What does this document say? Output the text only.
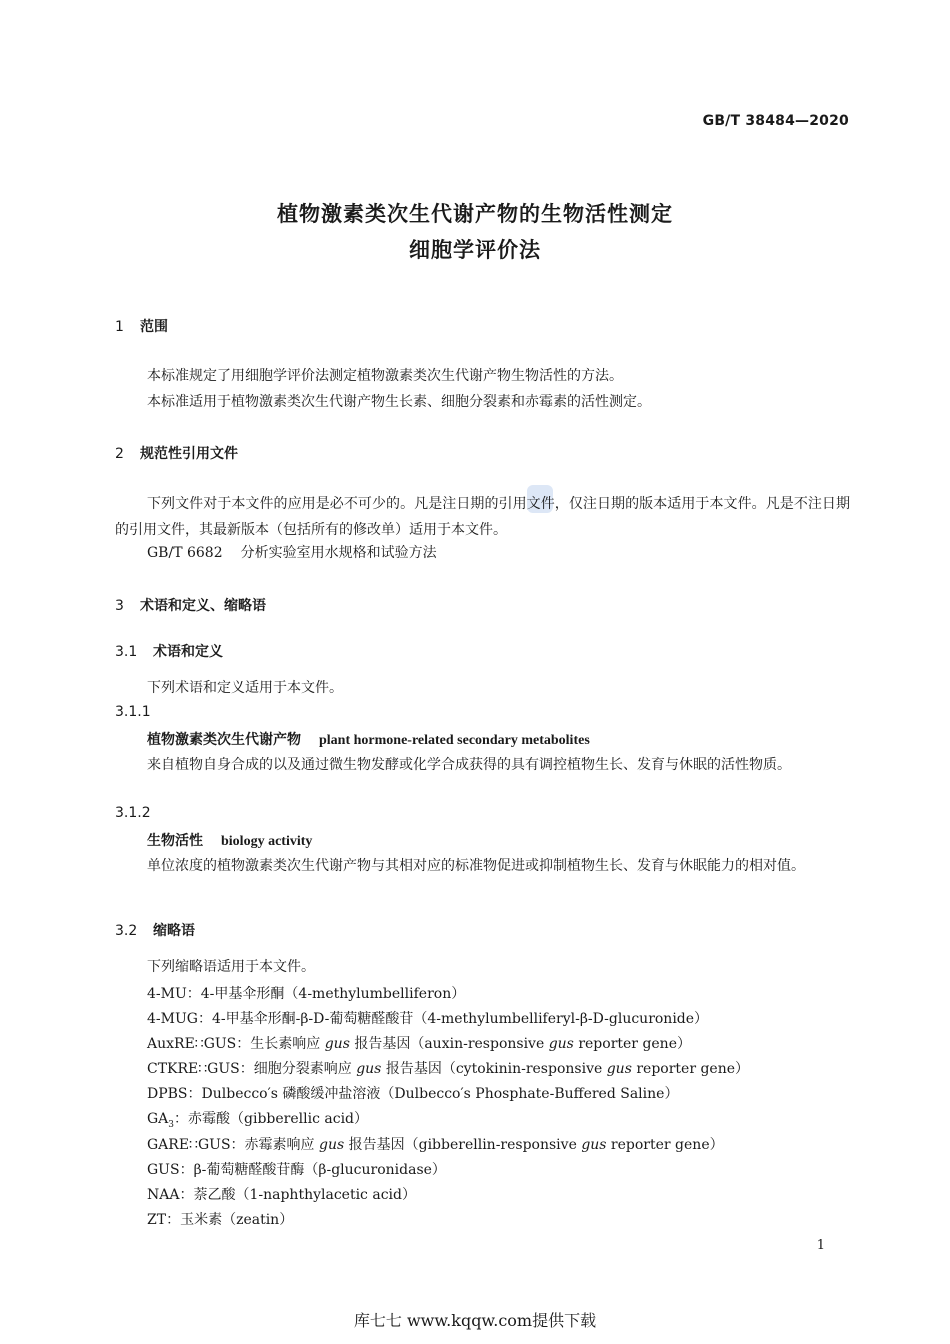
GB/T 38484—2020
植物激素类次生代谢产物的生物活性测定
细胞学评价法
1 范围
本标准规定了用细胞学评价法测定植物激素类次生代谢产物生物活性的方法。
本标准适用于植物激素类次生代谢产物生长素、细胞分裂素和赤霉素的活性测定。
2 规范性引用文件
下列文件对于本文件的应用是必不可少的。凡是注日期的引用文件，仅注日期的版本适用于本文件。凡是不注日期的引用文件，其最新版本（包括所有的修改单）适用于本文件。
GB/T 6682 分析实验室用水规格和试验方法
3 术语和定义、缩略语
3.1 术语和定义
下列术语和定义适用于本文件。
3.1.1
植物激素类次生代谢产物 plant hormone-related secondary metabolites
来自植物自身合成的以及通过微生物发酵或化学合成获得的具有调控植物生长、发育与休眠的活性物质。
3.1.2
生物活性 biology activity
单位浓度的植物激素类次生代谢产物与其相对应的标准物促进或抑制植物生长、发育与休眠能力的相对值。
3.2 缩略语
下列缩略语适用于本文件。
4-MU：4-甲基伞形酮（4-methylumbelliferon）
4-MUG：4-甲基伞形酮-β-D-葡萄糖醛酸苷（4-methylumbelliferyl-β-D-glucuronide）
AuxRE∷GUS：生长素响应 gus 报告基因（auxin-responsive gus reporter gene）
CTKRE∷GUS：细胞分裂素响应 gus 报告基因（cytokinin-responsive gus reporter gene）
DPBS：Dulbecco′s 磷酸缓冲盐溶液（Dulbecco′s Phosphate-Buffered Saline）
$GA_3$：赤霉酸（gibberellic acid）
GARE∷GUS：赤霉素响应 gus 报告基因（gibberellin-responsive gus reporter gene）
GUS：β-葡萄糖醛酸苷酶（β-glucuronidase）
NAA：萘乙酸（1-naphthylacetic acid）
ZT：玉米素（zeatin）
1
库七七 www.kqqw.com提供下载
